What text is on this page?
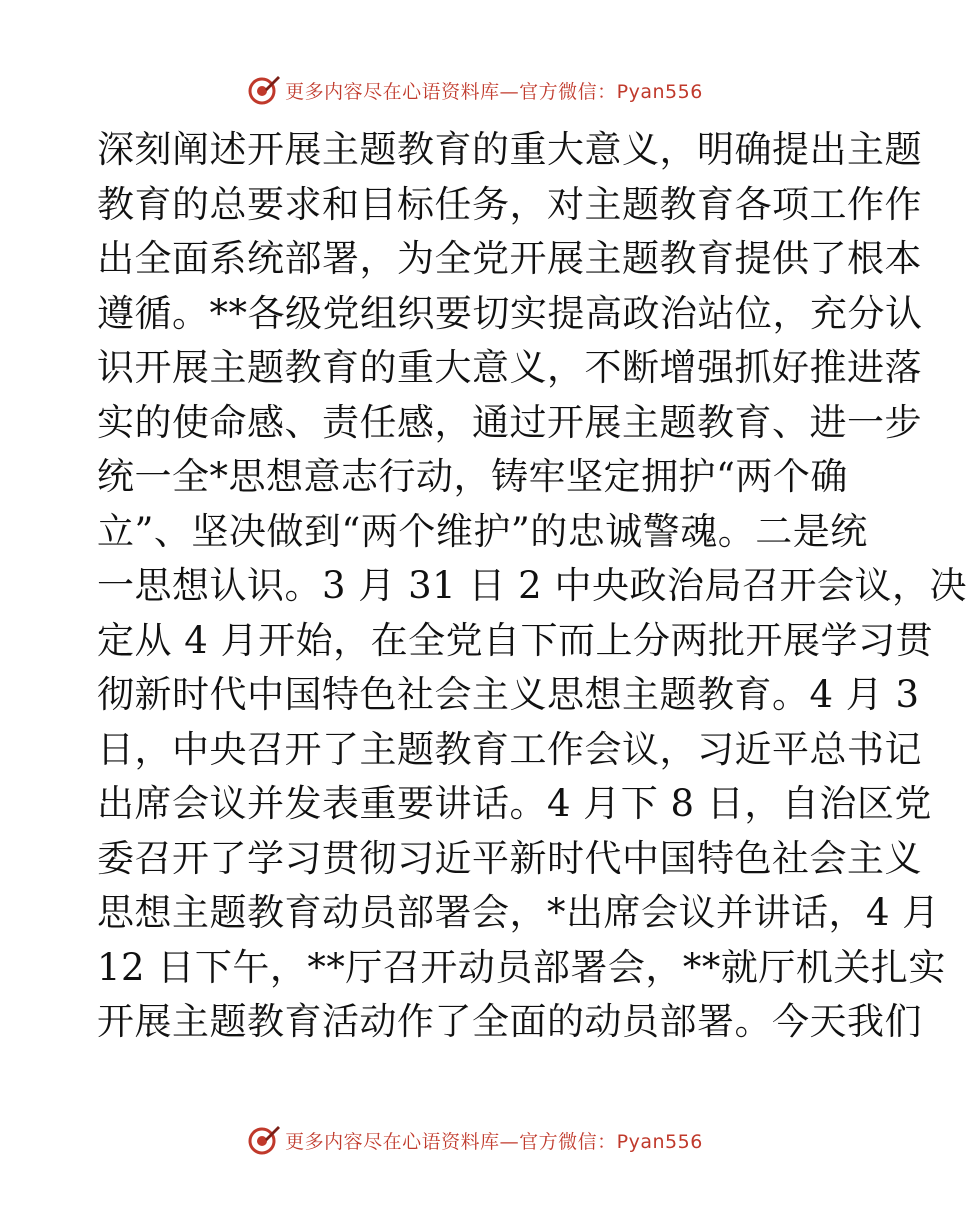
更多内容尽在心语资料库—官方微信：Pyan556
深刻阐述开展主题教育的重大意义，明确提出主题
教育的总要求和目标任务，对主题教育各项工作作
出全面系统部署，为全党开展主题教育提供了根本
遵循。**各级党组织要切实提高政治站位，充分认
识开展主题教育的重大意义，不断增强抓好推进落
实的使命感、责任感，通过开展主题教育、进一步
统一全*思想意志行动，铸牢坚定拥护“两个确
立”、坚决做到“两个维护”的忠诚警魂。二是统
一思想认识。3 月 31 日 2 中央政治局召开会议，决
定从 4 月开始，在全党自下而上分两批开展学习贯
彻新时代中国特色社会主义思想主题教育。4 月 3
日，中央召开了主题教育工作会议，习近平总书记
出席会议并发表重要讲话。4 月下 8 日，自治区党
委召开了学习贯彻习近平新时代中国特色社会主义
思想主题教育动员部署会，*出席会议并讲话，4 月
12 日下午，**厅召开动员部署会，**就厅机关扎实
开展主题教育活动作了全面的动员部署。今天我们
更多内容尽在心语资料库—官方微信：Pyan556
